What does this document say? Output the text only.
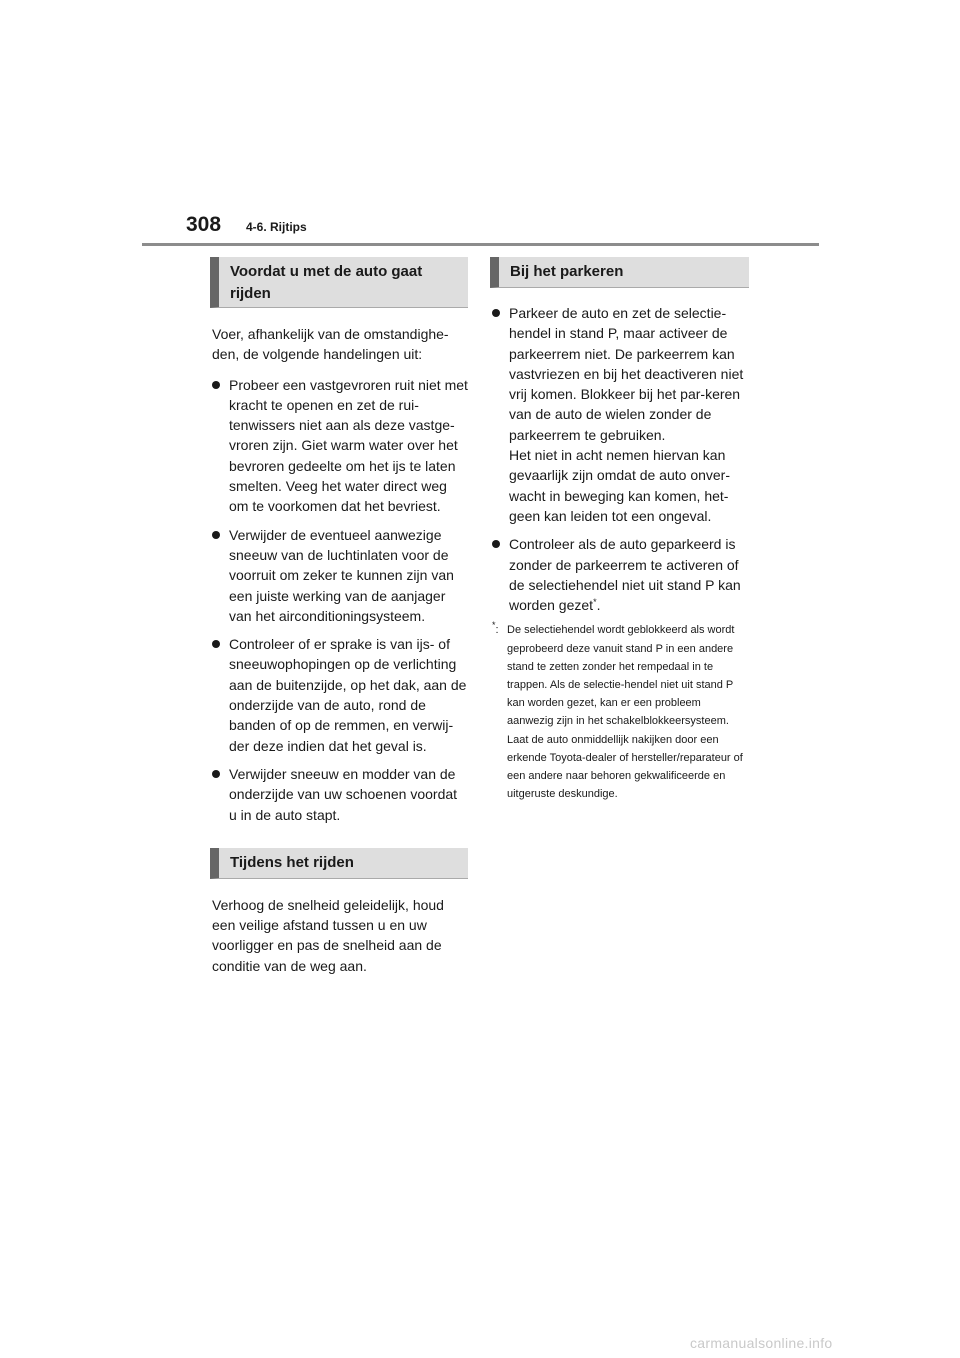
308 4-6. Rijtips
Voordat u met de auto gaat rijden
Voer, afhankelijk van de omstandighe-den, de volgende handelingen uit:
Probeer een vastgevroren ruit niet met kracht te openen en zet de rui-tenwissers niet aan als deze vastge-vroren zijn. Giet warm water over het bevroren gedeelte om het ijs te laten smelten. Veeg het water direct weg om te voorkomen dat het bevriest.
Verwijder de eventueel aanwezige sneeuw van de luchtinlaten voor de voorruit om zeker te kunnen zijn van een juiste werking van de aanjager van het airconditioningsysteem.
Controleer of er sprake is van ijs- of sneeuwophopingen op de verlichting aan de buitenzijde, op het dak, aan de onderzijde van de auto, rond de banden of op de remmen, en verwij-der deze indien dat het geval is.
Verwijder sneeuw en modder van de onderzijde van uw schoenen voordat u in de auto stapt.
Tijdens het rijden
Verhoog de snelheid geleidelijk, houd een veilige afstand tussen u en uw voorligger en pas de snelheid aan de conditie van de weg aan.
Bij het parkeren
Parkeer de auto en zet de selectie-hendel in stand P, maar activeer de parkeerrem niet. De parkeerrem kan vastvriezen en bij het deactiveren niet vrij komen. Blokkeer bij het par-keren van de auto de wielen zonder de parkeerrem te gebruiken.
Het niet in acht nemen hiervan kan gevaarlijk zijn omdat de auto onver-wacht in beweging kan komen, het-geen kan leiden tot een ongeval.
Controleer als de auto geparkeerd is zonder de parkeerrem te activeren of de selectiehendel niet uit stand P kan worden gezet*.
*: De selectiehendel wordt geblokkeerd als wordt geprobeerd deze vanuit stand P in een andere stand te zetten zonder het rempedaal in te trappen. Als de selectie-hendel niet uit stand P kan worden gezet, kan er een probleem aanwezig zijn in het schakelblokkeersysteem. Laat de auto onmiddellijk nakijken door een erkende Toyota-dealer of hersteller/reparateur of een andere naar behoren gekwalificeerde en uitgeruste deskundige.
carmanualsonline.info
